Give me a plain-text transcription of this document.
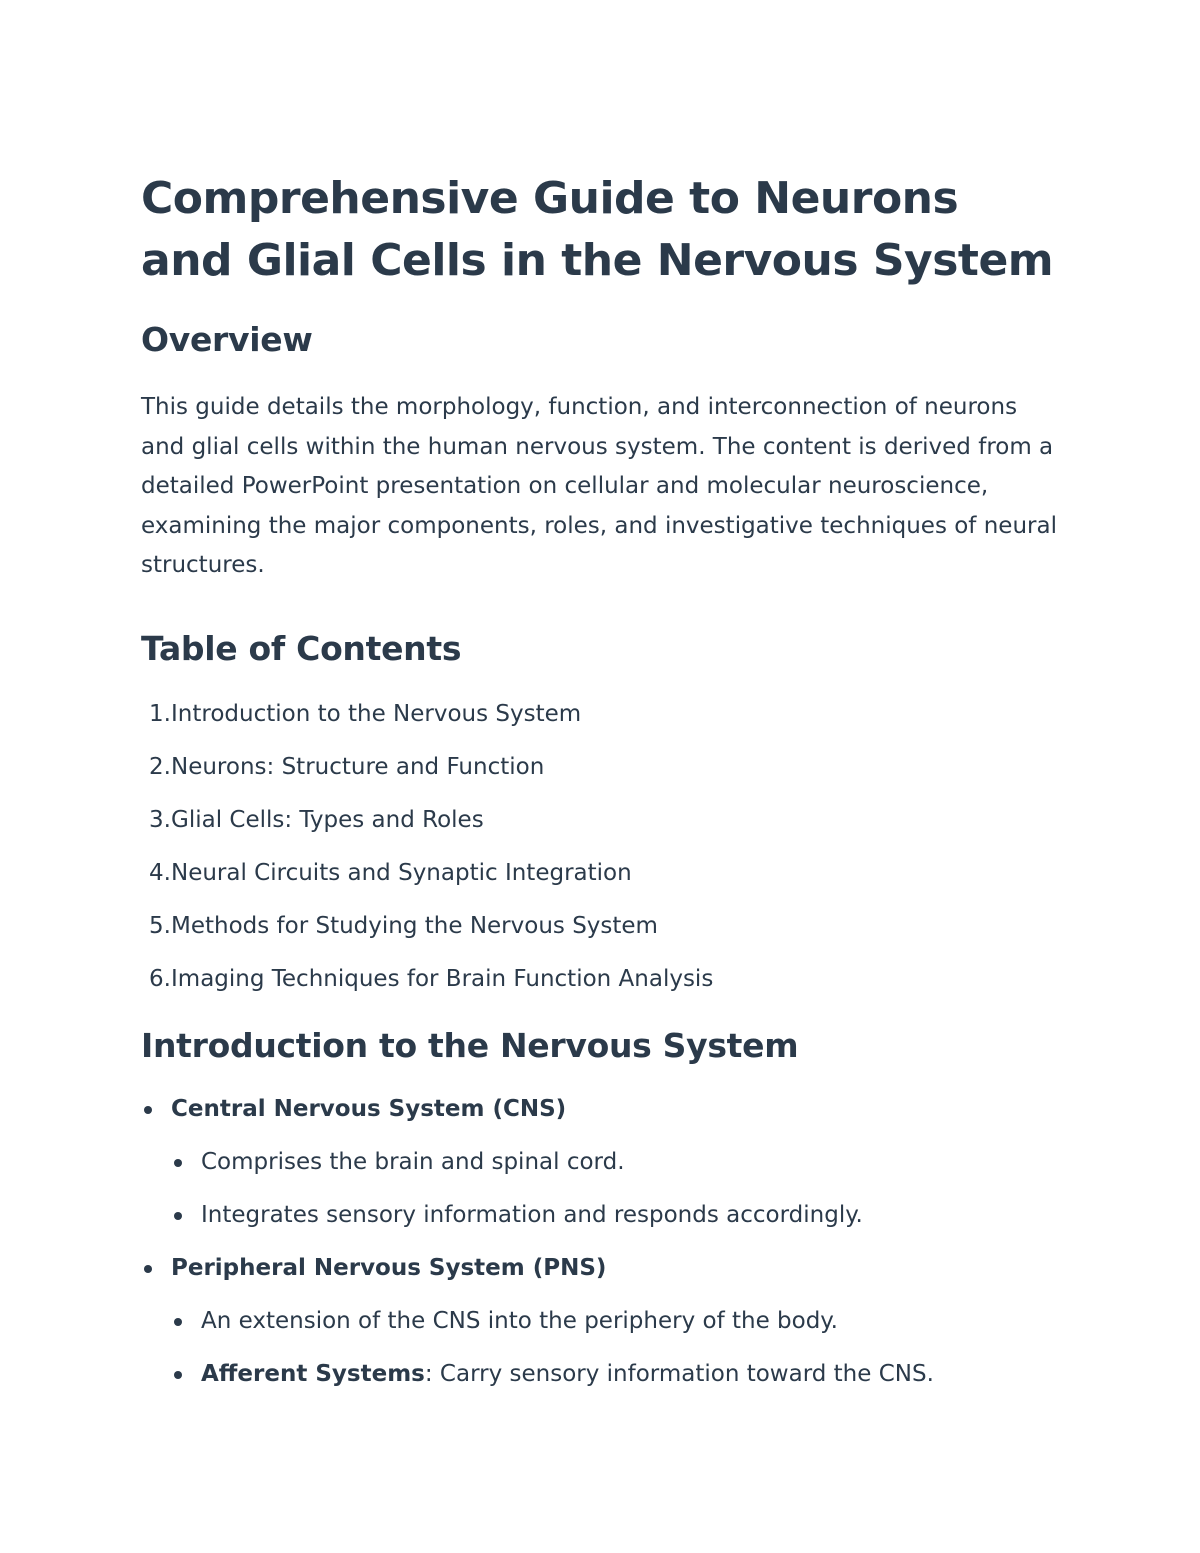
Comprehensive Guide to Neurons and Glial Cells in the Nervous System
Overview

This guide details the morphology, function, and interconnection of neurons and glial cells within the human nervous system. The content is derived from a detailed PowerPoint presentation on cellular and molecular neuroscience, examining the major components, roles, and investigative techniques of neural structures.

Table of Contents
1. Introduction to the Nervous System
2. Neurons: Structure and Function
3. Glial Cells: Types and Roles
4. Neural Circuits and Synaptic Integration
5. Methods for Studying the Nervous System
6. Imaging Techniques for Brain Function Analysis
Introduction to the Nervous System
Central Nervous System (CNS)
Comprises the brain and spinal cord.
Integrates sensory information and responds accordingly.
Peripheral Nervous System (PNS)
An extension of the CNS into the periphery of the body.
Afferent Systems: Carry sensory information toward the CNS.
